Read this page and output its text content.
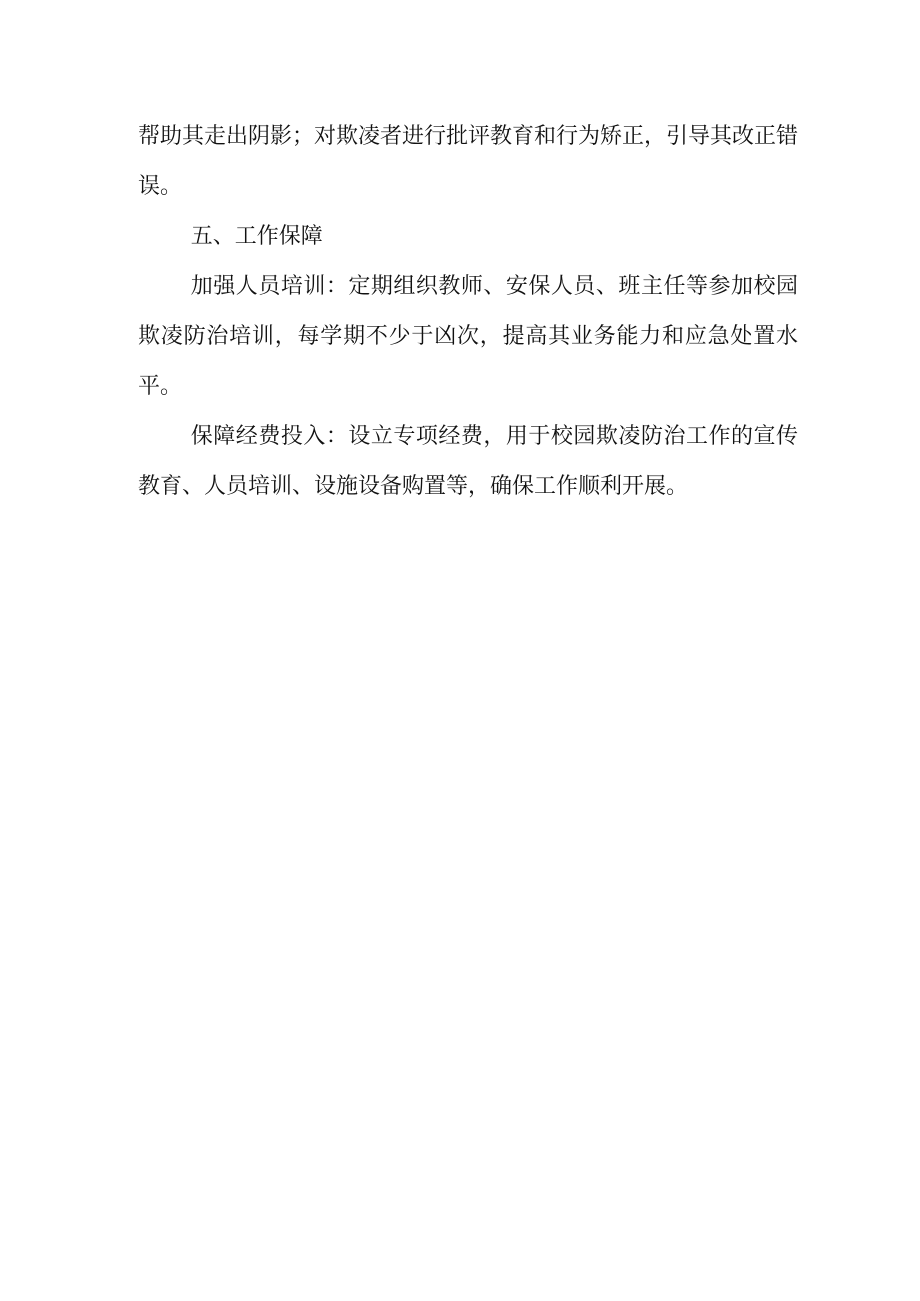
帮助其走出阴影；对欺凌者进行批评教育和行为矫正，引导其改正错误。

五、工作保障

加强人员培训：定期组织教师、安保人员、班主任等参加校园欺凌防治培训，每学期不少于凶次，提高其业务能力和应急处置水平。

保障经费投入：设立专项经费，用于校园欺凌防治工作的宣传教育、人员培训、设施设备购置等，确保工作顺利开展。
